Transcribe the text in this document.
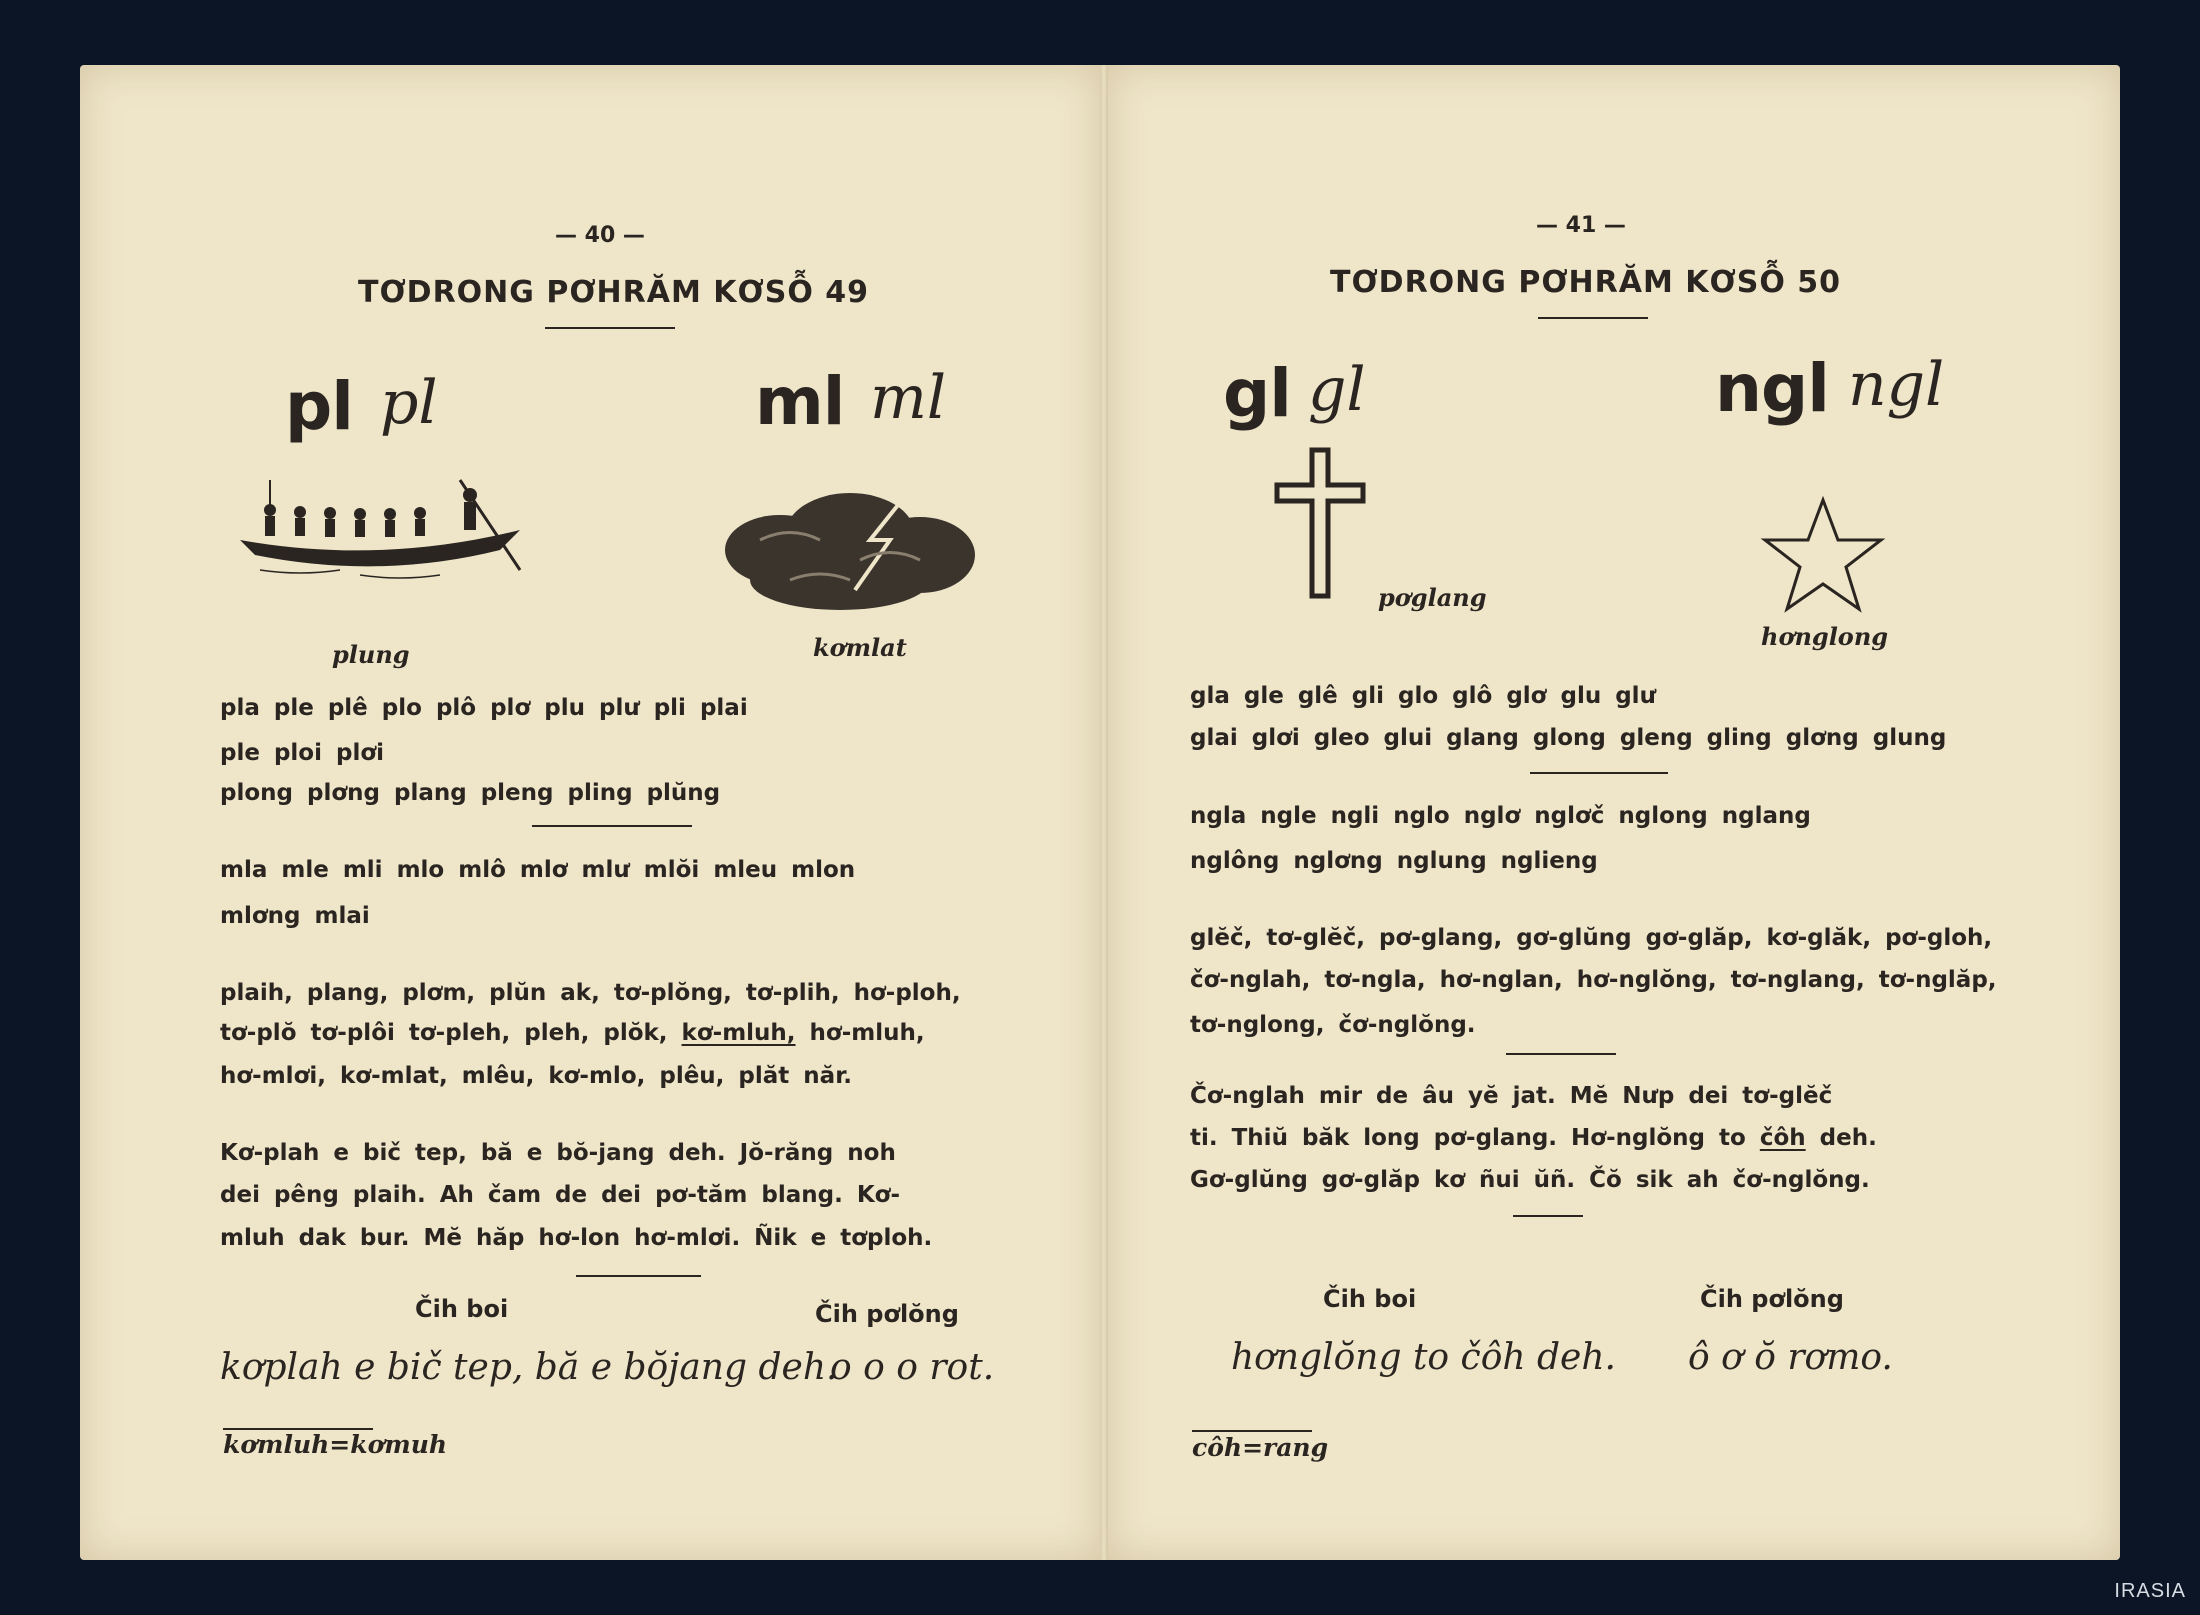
— 40 —
TƠDRONG PƠHRĂM KƠSỖ 49
pl pl	ml ml
plung	kơmlat
pla ple plê plo plô plơ plu plư pli plai
ple ploi plơi
plong plơng plang pleng pling plŭng
mla mle mli mlo mlô mlơ mlư mlŏi mleu mlon
mlơng mlai
plaih, plang, plơm, plŭn ak, tơ-plŏng, tơ-plih, hơ-ploh,
tơ-plŏ tơ-plôi tơ-pleh, pleh, plŏk, kơ-mluh, hơ-mluh,
hơ-mlơi, kơ-mlat, mlêu, kơ-mlo, plêu, plăt năr.
Kơ-plah e bič tep, bă e bŏ-jang deh. Jŏ-răng noh
dei pêng plaih. Ah čam de dei pơ-tăm blang. Kơ-
mluh dak bur. Mĕ hăp hơ-lon hơ-mlơi. Ñik e tơploh.
Čih boi	Čih pơlŏng
kơplah e bič tep, bă e bŏjang deh.
o o o rot.
kơmluh=kơmuh
— 41 —
TƠDRONG PƠHRĂM KƠSỖ 50
gl gl	ngl ngl
pơglang
hơnglong
gla gle glê gli glo glô glơ glu glư
glai glơi gleo glui glang glong gleng gling glơng glung
ngla ngle ngli nglo nglơ nglơč nglong nglang
nglông nglơng nglung nglieng
glĕč, tơ-glĕč, pơ-glang, gơ-glŭng gơ-glăp, kơ-glăk, pơ-gloh,
čơ-nglah, tơ-ngla, hơ-nglan, hơ-nglŏng, tơ-nglang, tơ-nglăp,
tơ-nglong, čơ-nglŏng.
Čơ-nglah mir de âu yĕ jat. Mĕ Nưp dei tơ-glĕč
ti. Thiŭ băk long pơ-glang. Hơ-nglŏng to čôh deh.
Gơ-glŭng gơ-glăp kơ ñui ŭñ. Čŏ sik ah čơ-nglŏng.
Čih boi	Čih pơlŏng
hơnglŏng to čôh deh. ô ơ ŏ rơmo.
côh=rang
IRASIA
